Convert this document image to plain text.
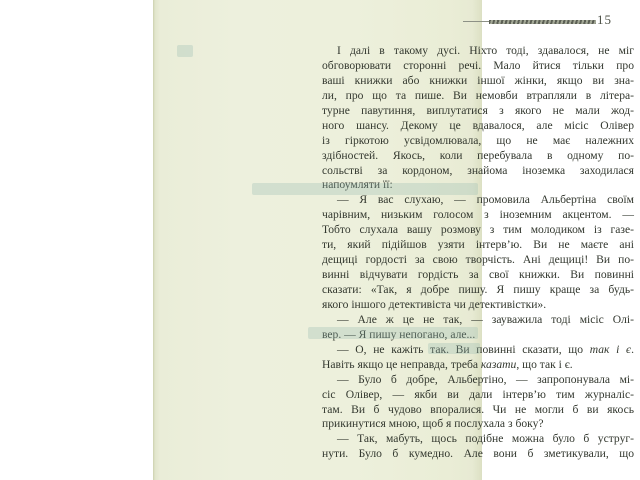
15
І далі в такому дусі. Ніхто тоді, здавалося, не міг
обговорювати сторонні речі. Мало йтися тільки про
ваші книжки або книжки іншої жінки, якщо ви зна-
ли, про що та пише. Ви немовби втрапляли в літера-
турне павутиння, виплутатися з якого не мали жод-
ного шансу. Декому це вдавалося, але місіс Олівер
із гіркотою усвідомлювала, що не має належних
здібностей. Якось, коли перебувала в одному по-
сольстві за кордоном, знайома іноземка заходилася
напоумляти її:
— Я вас слухаю, — промовила Альбертіна своїм
чарівним, низьким голосом з іноземним акцентом. —
Тобто слухала вашу розмову з тим молодиком із газе-
ти, який підійшов узяти інтерв’ю. Ви не маєте ані
дещиці гордості за свою творчість. Ані дещиці! Ви по-
винні відчувати гордість за свої книжки. Ви повинні
сказати: «Так, я добре пишу. Я пишу краще за будь-
якого іншого детективіста чи детективістки».
— Але ж це не так, — зауважила тоді місіс Олі-
вер. — Я пишу непогано, але...
— О, не кажіть так. Ви повинні сказати, що так і є.
Навіть якщо це неправда, треба казати, що так і є.
— Було б добре, Альбертіно, — запропонувала мі-
сіс Олівер, — якби ви дали інтерв’ю тим журналіс-
там. Ви б чудово впоралися. Чи не могли б ви якось
прикинутися мною, щоб я послухала з боку?
— Так, мабуть, щось подібне можна було б уструг-
нути. Було б кумедно. Але вони б зметикували, що
